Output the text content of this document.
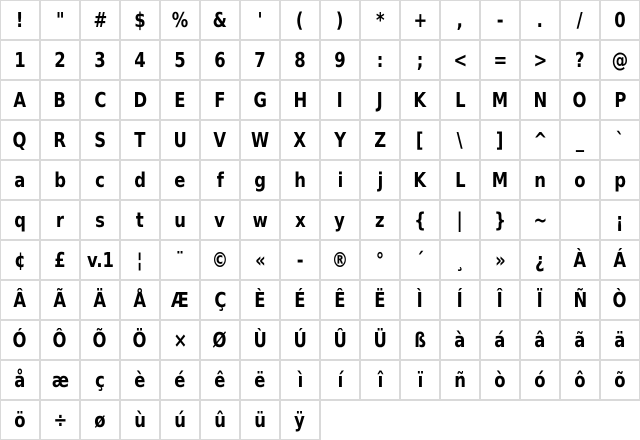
! " # $ % & ' ( ) * + , - . / 0
1 2 3 4 5 6 7 8 9 : ; < = > ? @
A B C D E F G H I J K L M N O P
Q R S T U V W X Y Z [ \ ] ^ _ `
a b c d e f g h i j K L M n o p
q r s t u v w x y z { | } ~	¡
¢ £ v.1 ¦ ¨ © « - ® ° ´ ¸ » ¿ À Á
Â Ã Ä Å Æ Ç È É Ê Ë Ì Í Î Ï Ñ Ò
Ó Ô Õ Ö × Ø Ù Ú Û Ü ß à á â ã ä
å æ ç è é ê ë ì í î ï ñ ò ó ô õ
ö ÷ ø ù ú û ü ÿ
